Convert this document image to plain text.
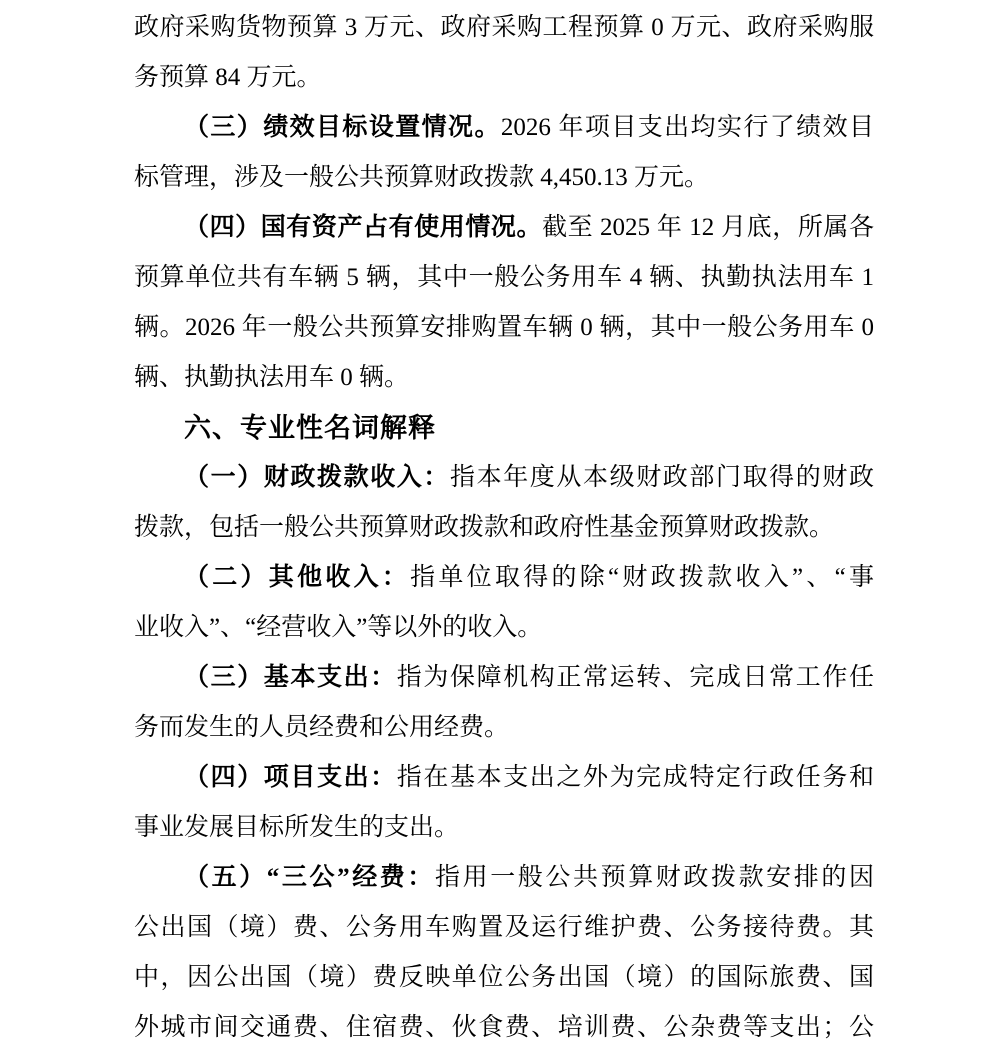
政府采购货物预算 3 万元、政府采购工程预算 0 万元、政府采购服
务预算 84 万元。
（三）绩效目标设置情况。2026 年项目支出均实行了绩效目
标管理，涉及一般公共预算财政拨款 4,450.13 万元。
（四）国有资产占有使用情况。截至 2025 年 12 月底，所属各
预算单位共有车辆 5 辆，其中一般公务用车 4 辆、执勤执法用车 1
辆。2026 年一般公共预算安排购置车辆 0 辆，其中一般公务用车 0
辆、执勤执法用车 0 辆。
六、专业性名词解释
（一）财政拨款收入：指本年度从本级财政部门取得的财政
拨款，包括一般公共预算财政拨款和政府性基金预算财政拨款。
（二）其他收入：指单位取得的除“财政拨款收入”、“事
业收入”、“经营收入”等以外的收入。
（三）基本支出：指为保障机构正常运转、完成日常工作任
务而发生的人员经费和公用经费。
（四）项目支出：指在基本支出之外为完成特定行政任务和
事业发展目标所发生的支出。
（五）“三公”经费：指用一般公共预算财政拨款安排的因
公出国（境）费、公务用车购置及运行维护费、公务接待费。其
中，因公出国（境）费反映单位公务出国（境）的国际旅费、国
外城市间交通费、住宿费、伙食费、培训费、公杂费等支出；公
